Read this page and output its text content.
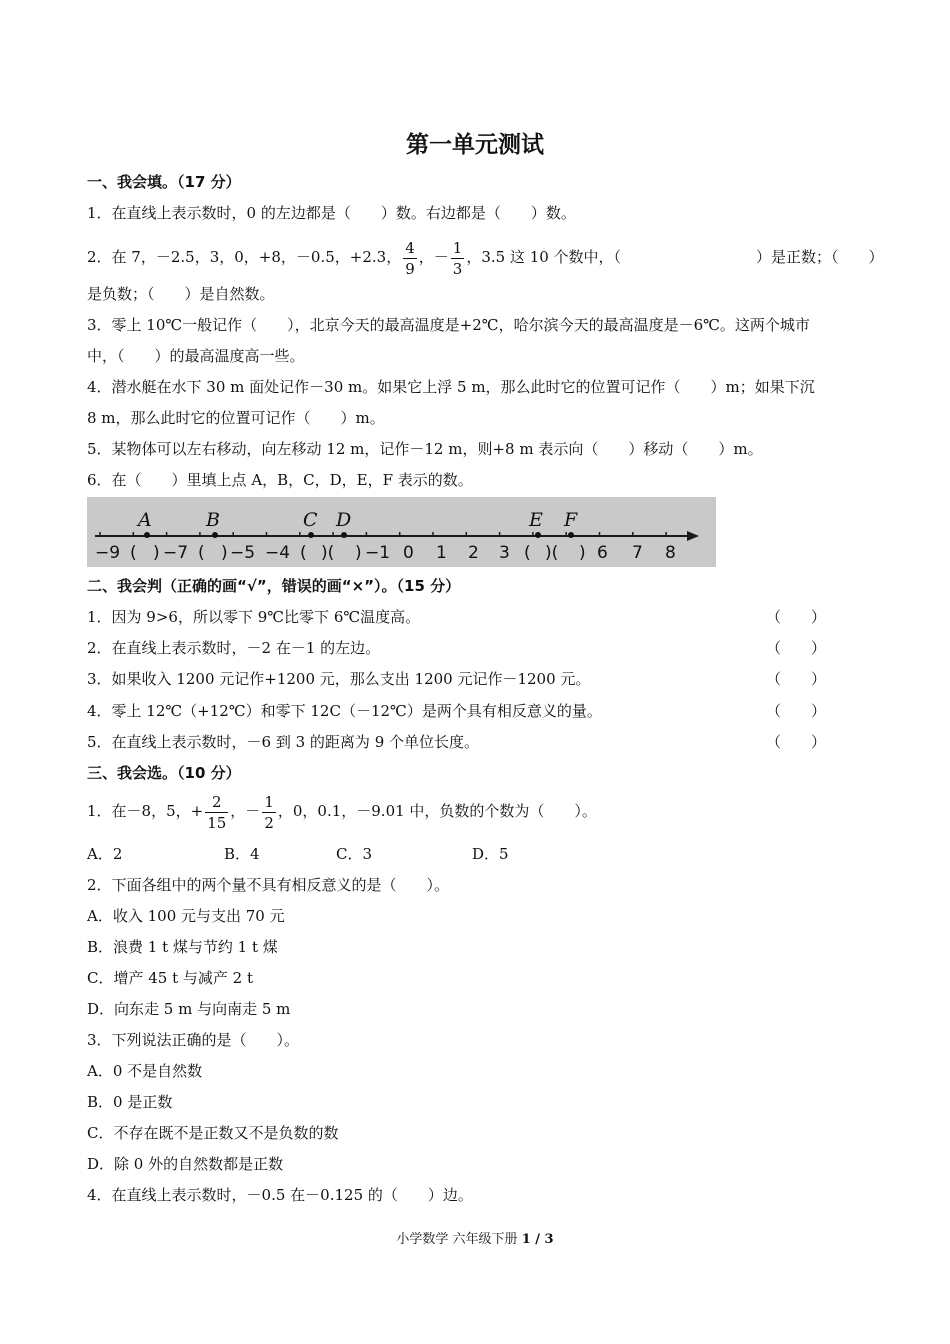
第一单元测试
一、我会填。（17 分）
1．在直线上表示数时，0 的左边都是（　　）数。右边都是（　　）数。
2．在 7，－2.5，3，0，+8，－0.5，+2.3， $\frac{4}{9}$ ，－ $\frac{1}{3}$ ，3.5 这 10 个数中，（　　　　　　　　　）是正数；（　　）
是负数；（　　）是自然数。
3．零上 10℃一般记作（　　），北京今天的最高温度是+2℃，哈尔滨今天的最高温度是－6℃。这两个城市
中，（　　）的最高温度高一些。
4．潜水艇在水下 30 m 面处记作－30 m。如果它上浮 5 m，那么此时它的位置可记作（　　）m；如果下沉
8 m，那么此时它的位置可记作（　　）m。
5．某物体可以左右移动，向左移动 12 m，记作－12 m，则+8 m 表示向（　　）移动（　　）m。
6．在（　　）里填上点 A，B，C，D，E，F 表示的数。
A	B	C D	E F
−9 ( ) −7 ( ) −5 −4 ( )( ) −1 0 1 2 3 ( )( ) 6 7 8
二、我会判（正确的画“√”，错误的画“×”）。（15 分）
1．因为 9>6，所以零下 9℃比零下 6℃温度高。	（　　）
2．在直线上表示数时，－2 在－1 的左边。	（　　）
3．如果收入 1200 元记作+1200 元，那么支出 1200 元记作－1200 元。	（　　）
4．零上 12℃（+12℃）和零下 12C（－12℃）是两个具有相反意义的量。	（　　）
5．在直线上表示数时，－6 到 3 的距离为 9 个单位长度。	（　　）
三、我会选。（10 分）
1．在－8，5，+ $\frac{2}{15}$ ，－ $\frac{1}{2}$ ，0，0.1，－9.01 中，负数的个数为（　　）。
A．2	B．4	C．3	D．5
2．下面各组中的两个量不具有相反意义的是（　　）。
A．收入 100 元与支出 70 元
B．浪费 1 t 煤与节约 1 t 煤
C．增产 45 t 与减产 2 t
D．向东走 5 m 与向南走 5 m
3．下列说法正确的是（　　）。
A．0 不是自然数
B．0 是正数
C．不存在既不是正数又不是负数的数
D．除 0 外的自然数都是正数
4．在直线上表示数时，－0.5 在－0.125 的（　　）边。
小学数学 六年级下册 1 / 3
